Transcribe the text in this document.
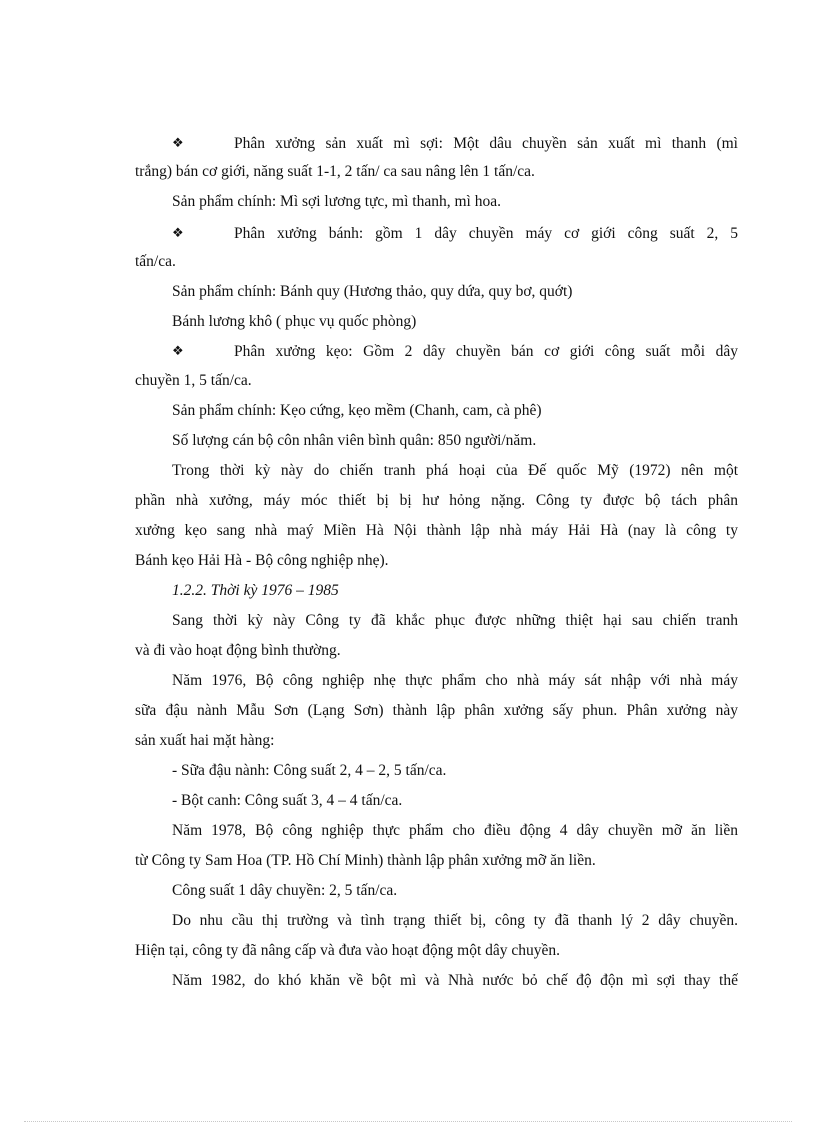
❖	Phân xưởng sản xuất mì sợi: Một dâu chuyền sản xuất mì thanh (mì
trắng) bán cơ giới, năng suất 1-1, 2 tấn/ ca sau nâng lên 1 tấn/ca.
Sản phẩm chính: Mì sợi lương tực, mì thanh, mì hoa.
❖	Phân xưởng bánh: gồm 1 dây chuyền máy cơ giới công suất 2, 5
tấn/ca.
Sản phẩm chính: Bánh quy (Hương thảo, quy dứa, quy bơ, quớt)
Bánh lương khô ( phục vụ quốc phòng)
❖	Phân xưởng kẹo: Gồm 2 dây chuyền bán cơ giới công suất mỗi dây
chuyền 1, 5 tấn/ca.
Sản phẩm chính: Kẹo cứng, kẹo mềm (Chanh, cam, cà phê)
Số lượng cán bộ côn nhân viên bình quân: 850 người/năm.
Trong thời kỳ này do chiến tranh phá hoại của Đế quốc Mỹ (1972) nên một
phần nhà xưởng, máy móc thiết bị bị hư hỏng nặng. Công ty được bộ tách phân
xưởng kẹo sang nhà maý Miền Hà Nội thành lập nhà máy Hải Hà (nay là công ty
Bánh kẹo Hải Hà - Bộ công nghiệp nhẹ).
1.2.2. Thời kỳ 1976 – 1985
Sang thời kỳ này Công ty đã khắc phục được những thiệt hại sau chiến tranh
và đi vào hoạt động bình thường.
Năm 1976, Bộ công nghiệp nhẹ thực phẩm cho nhà máy sát nhập với nhà máy
sữa đậu nành Mẫu Sơn (Lạng Sơn) thành lập phân xưởng sấy phun. Phân xưởng này
sản xuất hai mặt hàng:
- Sữa đậu nành: Công suất 2, 4 – 2, 5 tấn/ca.
- Bột canh: Công suất 3, 4 – 4 tấn/ca.
Năm 1978, Bộ công nghiệp thực phẩm cho điều động 4 dây chuyền mỡ ăn liền
từ Công ty Sam Hoa (TP. Hồ Chí Minh) thành lập phân xưởng mỡ ăn liền.
Công suất 1 dây chuyền: 2, 5 tấn/ca.
Do nhu cầu thị trường và tình trạng thiết bị, công ty đã thanh lý 2 dây chuyền.
Hiện tại, công ty đã nâng cấp và đưa vào hoạt động một dây chuyền.
Năm 1982, do khó khăn về bột mì và Nhà nước bỏ chế độ độn mì sợi thay thế
